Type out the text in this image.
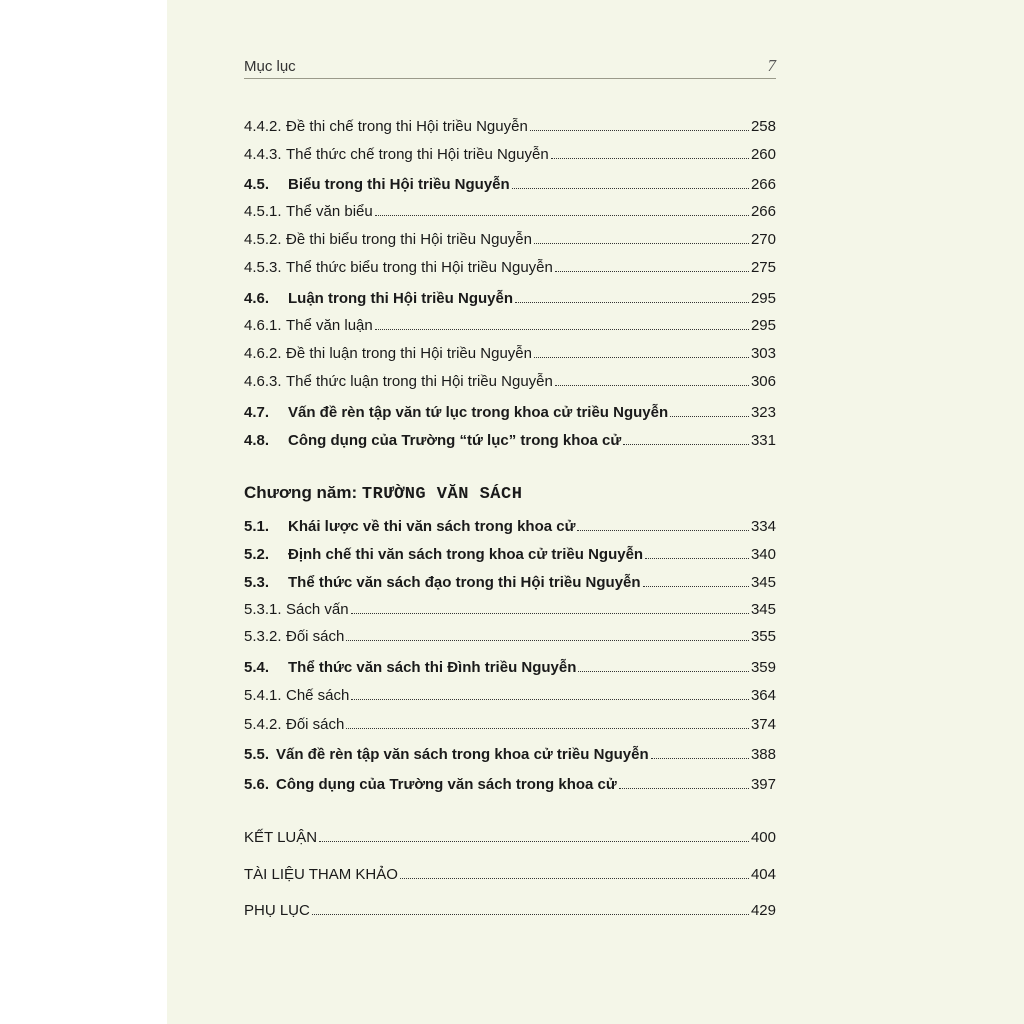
Mục lục	7
4.4.2. Đề thi chế trong thi Hội triều Nguyễn	258
4.4.3. Thể thức chế trong thi Hội triều Nguyễn	260
4.5.	Biểu trong thi Hội triều Nguyễn	266
4.5.1. Thể văn biểu	266
4.5.2. Đề thi biểu trong thi Hội triều Nguyễn	270
4.5.3. Thể thức biểu trong thi Hội triều Nguyễn	275
4.6.	Luận trong thi Hội triều Nguyễn	295
4.6.1. Thể văn luận	295
4.6.2. Đề thi luận trong thi Hội triều Nguyễn	303
4.6.3. Thể thức luận trong thi Hội triều Nguyễn	306
4.7.	Vấn đề rèn tập văn tứ lục trong khoa cử triều Nguyễn	323
4.8.	Công dụng của Trường “tứ lục” trong khoa cử	331
Chương năm: TRƯỜNG VĂN SÁCH
5.1.	Khái lược về thi văn sách trong khoa cử	334
5.2.	Định chế thi văn sách trong khoa cử triều Nguyễn	340
5.3.	Thể thức văn sách đạo trong thi Hội triều Nguyễn	345
5.3.1. Sách vấn	345
5.3.2. Đối sách	355
5.4.	Thể thức văn sách thi Đình triều Nguyễn	359
5.4.1. Chế sách	364
5.4.2. Đối sách	374
5.5. Vấn đề rèn tập văn sách trong khoa cử triều Nguyễn	388
5.6. Công dụng của Trường văn sách trong khoa cử	397
KẾT LUẬN	400
TÀI LIỆU THAM KHẢO	404
PHỤ LỤC	429
